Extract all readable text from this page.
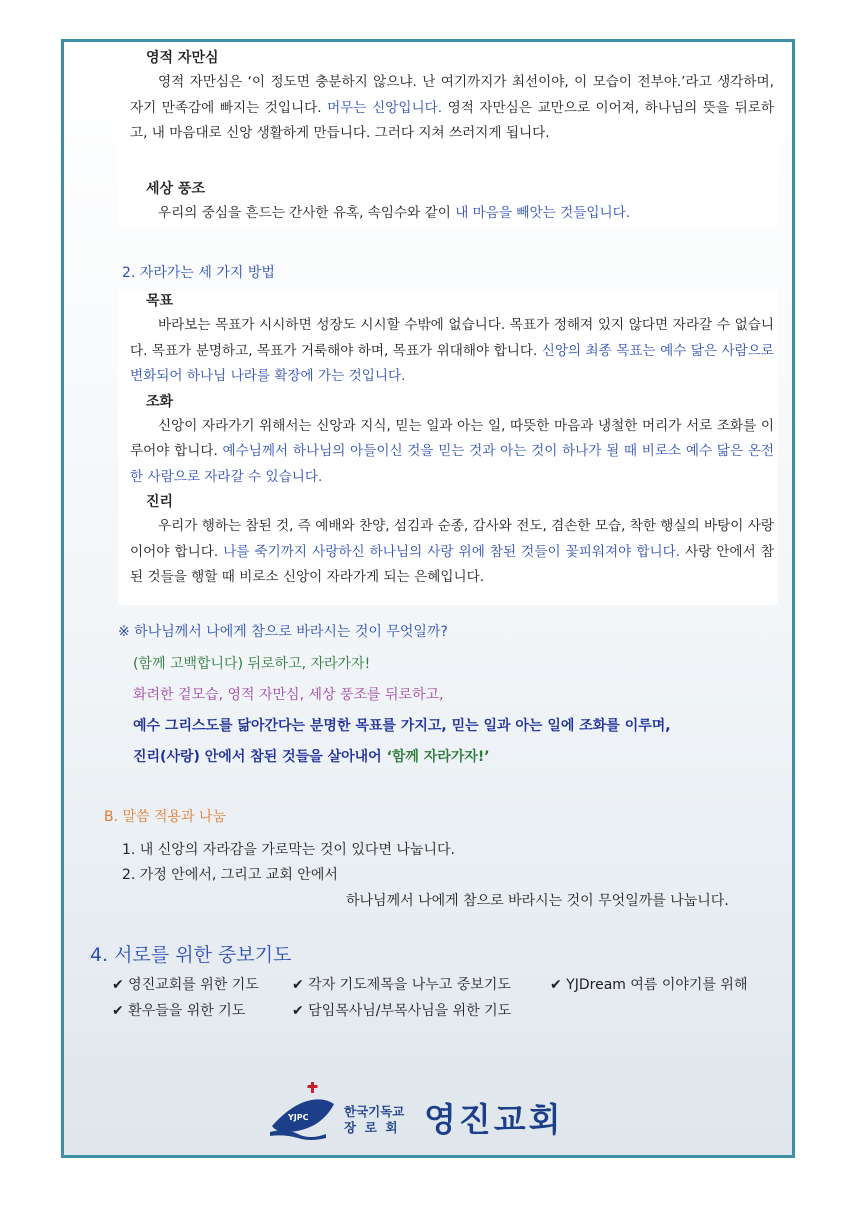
영적 자만심
영적 자만심은 ‘이 정도면 충분하지 않으냐. 난 여기까지가 최선이야, 이 모습이 전부야.’라고 생각하며, 자기 만족감에 빠지는 것입니다. 머무는 신앙입니다. 영적 자만심은 교만으로 이어져, 하나님의 뜻을 뒤로하고, 내 마음대로 신앙 생활하게 만듭니다. 그러다 지쳐 쓰러지게 됩니다.
세상 풍조
우리의 중심을 흔드는 간사한 유혹, 속임수와 같이 내 마음을 빼앗는 것들입니다.
2. 자라가는 세 가지 방법
목표
바라보는 목표가 시시하면 성장도 시시할 수밖에 없습니다. 목표가 정해져 있지 않다면 자라갈 수 없습니다. 목표가 분명하고, 목표가 거룩해야 하며, 목표가 위대해야 합니다. 신앙의 최종 목표는 예수 닮은 사람으로 변화되어 하나님 나라를 확장에 가는 것입니다.
조화
신앙이 자라가기 위해서는 신앙과 지식, 믿는 일과 아는 일, 따뜻한 마음과 냉철한 머리가 서로 조화를 이루어야 합니다. 예수님께서 하나님의 아들이신 것을 믿는 것과 아는 것이 하나가 될 때 비로소 예수 닮은 온전한 사람으로 자라갈 수 있습니다.
진리
우리가 행하는 참된 것, 즉 예배와 찬양, 섬김과 순종, 감사와 전도, 겸손한 모습, 착한 행실의 바탕이 사랑이어야 합니다. 나를 죽기까지 사랑하신 하나님의 사랑 위에 참된 것들이 꽃피워져야 합니다. 사랑 안에서 참된 것들을 행할 때 비로소 신앙이 자라가게 되는 은혜입니다.
※ 하나님께서 나에게 참으로 바라시는 것이 무엇일까?
(함께 고백합니다) 뒤로하고, 자라가자!
화려한 겉모습, 영적 자만심, 세상 풍조를 뒤로하고,
예수 그리스도를 닮아간다는 분명한 목표를 가지고, 믿는 일과 아는 일에 조화를 이루며,
진리(사랑) 안에서 참된 것들을 살아내어 ‘함께 자라가자!’
B. 말씀 적용과 나눔
1. 내 신앙의 자라감을 가로막는 것이 있다면 나눕니다.
2. 가정 안에서, 그리고 교회 안에서
하나님께서 나에게 참으로 바라시는 것이 무엇일까를 나눕니다.
4. 서로를 위한 중보기도
✔ 영진교회를 위한 기도 ✔ 각자 기도제목을 나누고 중보기도	✔ YJDream 여름 이야기를 위해
✔ 환우들을 위한 기도	✔ 담임목사님/부목사님을 위한 기도
YJPC	한국기독교
장  로  회 영진교회
